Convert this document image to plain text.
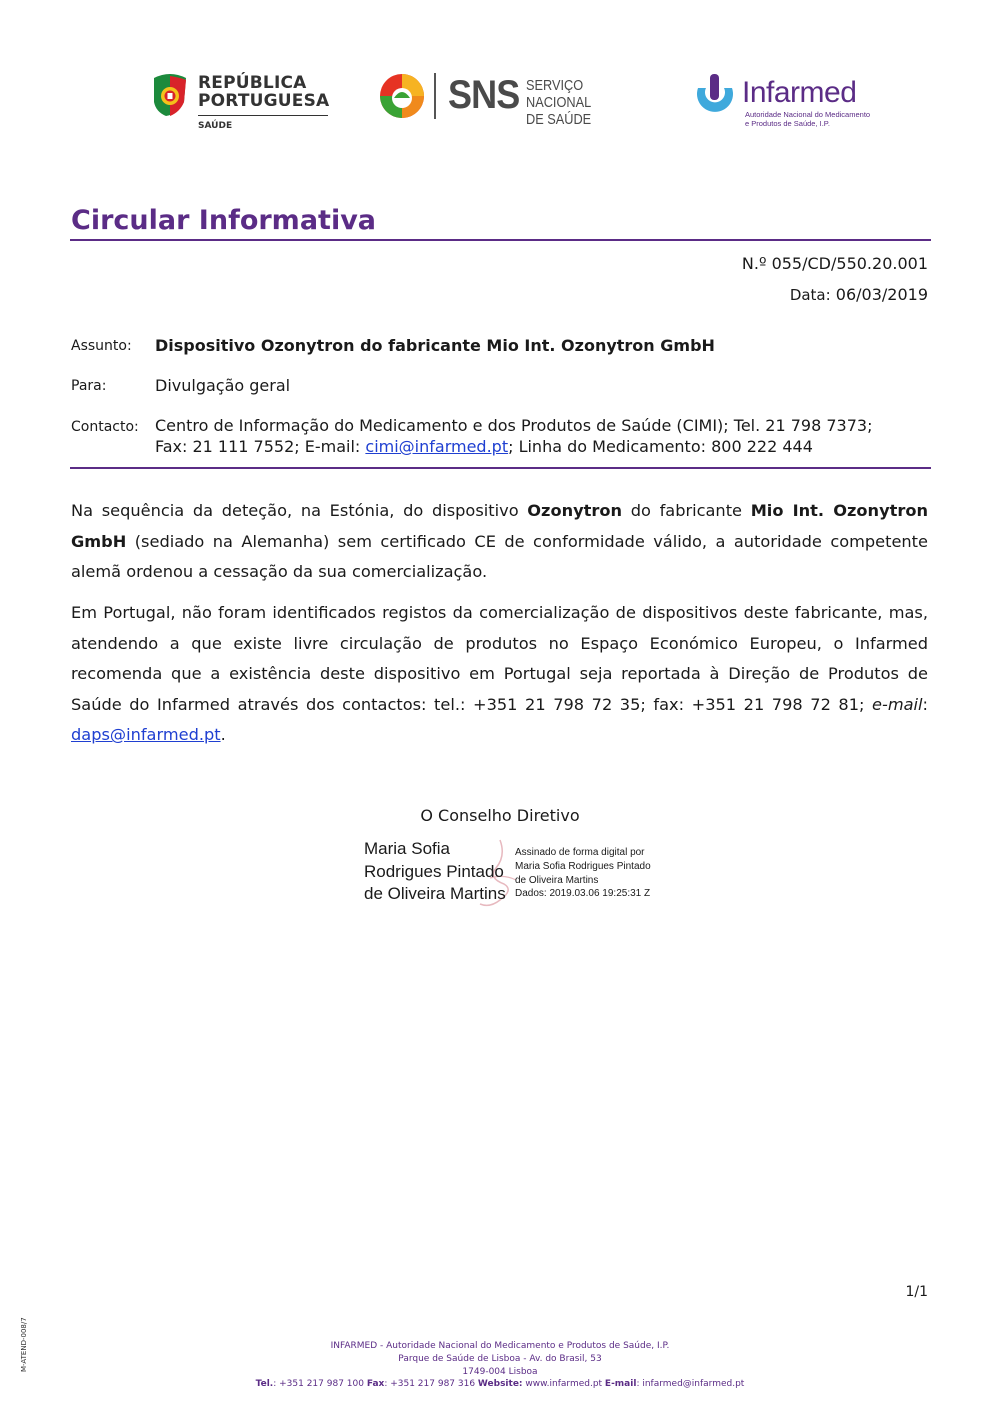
REPÚBLICA
PORTUGUESA
SAÚDE
SNS SERVIÇO NACIONAL
DE SAÚDE
Infarmed
Autoridade Nacional do Medicamento
e Produtos de Saúde, I.P.
Circular Informativa
N.º 055/CD/550.20.001
Data: 06/03/2019
Assunto: Dispositivo Ozonytron do fabricante Mio Int. Ozonytron GmbH
Para:	Divulgação geral
Contacto: Centro de Informação do Medicamento e dos Produtos de Saúde (CIMI); Tel. 21 798 7373;
Fax: 21 111 7552; E-mail: cimi@infarmed.pt; Linha do Medicamento: 800 222 444
Na sequência da deteção, na Estónia, do dispositivo Ozonytron do fabricante Mio Int. Ozonytron GmbH (sediado na Alemanha) sem certificado CE de conformidade válido, a autoridade competente alemã ordenou a cessação da sua comercialização.
Em Portugal, não foram identificados registos da comercialização de dispositivos deste fabricante, mas, atendendo a que existe livre circulação de produtos no Espaço Económico Europeu, o Infarmed recomenda que a existência deste dispositivo em Portugal seja reportada à Direção de Produtos de Saúde do Infarmed através dos contactos: tel.: +351 21 798 72 35; fax: +351 21 798 72 81; e-mail: daps@infarmed.pt.
O Conselho Diretivo
Maria Sofia
Rodrigues Pintado
de Oliveira Martins
Assinado de forma digital por
Maria Sofia Rodrigues Pintado
de Oliveira Martins
Dados: 2019.03.06 19:25:31 Z
1/1
M-ATEND-008/7	INFARMED - Autoridade Nacional do Medicamento e Produtos de Saúde, I.P.
Parque de Saúde de Lisboa - Av. do Brasil, 53
1749-004 Lisboa
Tel.: +351 217 987 100 Fax: +351 217 987 316 Website: www.infarmed.pt E-mail: infarmed@infarmed.pt
